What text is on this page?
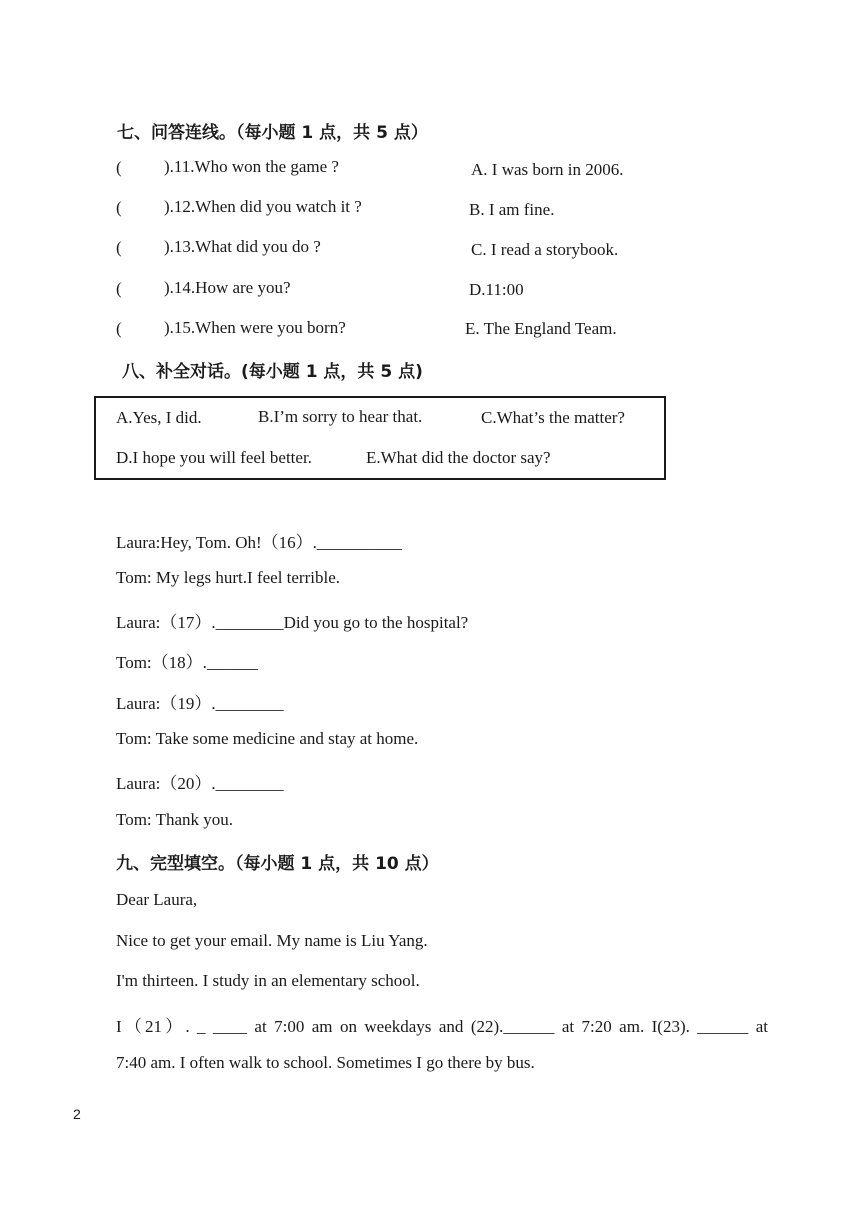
七、问答连线。（每小题 1 点，共 5 点）
( ).11.Who won the game ?	A. I was born in 2006.
( ).12.When did you watch it ?	B. I am fine.
( ).13.What did you do ?	C. I read a storybook.
( ).14.How are you?	D.11:00
( ).15.When were you born?	E. The England Team.
八、补全对话。(每小题 1 点，共 5 点)
A.Yes, I did.	B.I’m sorry to hear that.	C.What’s the matter?
D.I hope you will feel better.	E.What did the doctor say?
Laura:Hey, Tom. Oh!（16）.__________
Tom: My legs hurt.I feel terrible.
Laura:（17）.________Did you go to the hospital?
Tom:（18）.______
Laura:（19）.________
Tom: Take some medicine and stay at home.
Laura:（20）.________
Tom: Thank you.
九、完型填空。（每小题 1 点，共 10 点）
Dear Laura,
Nice to get your email. My name is Liu Yang.
I'm thirteen. I study in an elementary school.
I（21）. _ ____ at 7:00 am on weekdays and (22).______ at 7:20 am. I(23). ______ at
7:40 am. I often walk to school. Sometimes I go there by bus.
2
